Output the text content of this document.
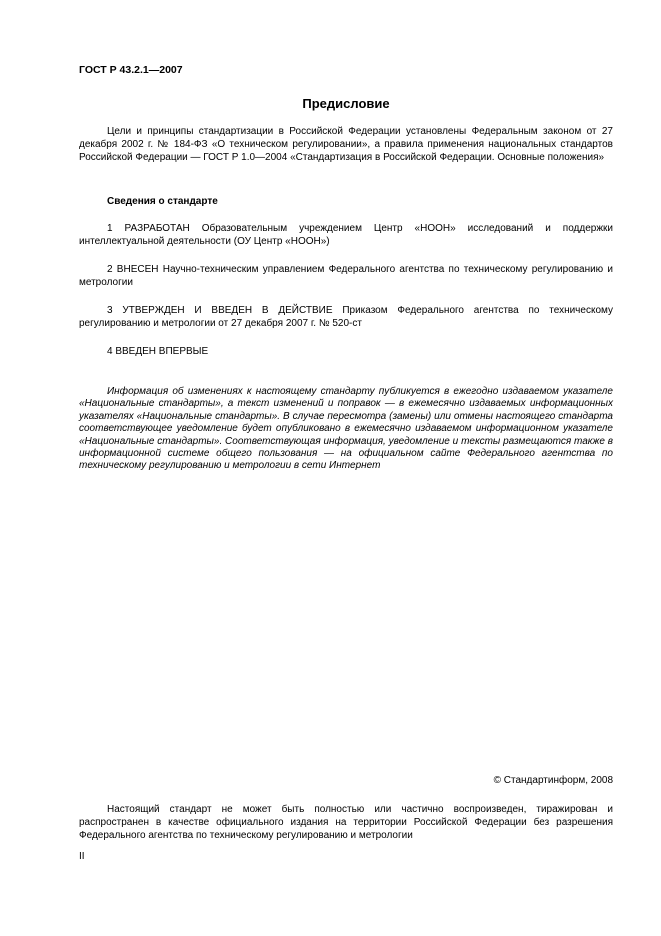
ГОСТ Р 43.2.1—2007
Предисловие
Цели и принципы стандартизации в Российской Федерации установлены Федеральным законом от 27 декабря 2002 г. № 184-ФЗ «О техническом регулировании», а правила применения национальных стандартов Российской Федерации — ГОСТ Р 1.0—2004 «Стандартизация в Российской Федерации. Основные положения»
Сведения о стандарте
1 РАЗРАБОТАН Образовательным учреждением Центр «НООН» исследований и поддержки интеллектуальной деятельности (ОУ Центр «НООН»)
2 ВНЕСЕН Научно-техническим управлением Федерального агентства по техническому регулированию и метрологии
3 УТВЕРЖДЕН И ВВЕДЕН В ДЕЙСТВИЕ Приказом Федерального агентства по техническому регулированию и метрологии от 27 декабря 2007 г. № 520-ст
4 ВВЕДЕН ВПЕРВЫЕ
Информация об изменениях к настоящему стандарту публикуется в ежегодно издаваемом указателе «Национальные стандарты», а текст изменений и поправок — в ежемесячно издаваемых информационных указателях «Национальные стандарты». В случае пересмотра (замены) или отмены настоящего стандарта соответствующее уведомление будет опубликовано в ежемесячно издаваемом информационном указателе «Национальные стандарты». Соответствующая информация, уведомление и тексты размещаются также в информационной системе общего пользования — на официальном сайте Федерального агентства по техническому регулированию и метрологии в сети Интернет
© Стандартинформ, 2008
Настоящий стандарт не может быть полностью или частично воспроизведен, тиражирован и распространен в качестве официального издания на территории Российской Федерации без разрешения Федерального агентства по техническому регулированию и метрологии
II
